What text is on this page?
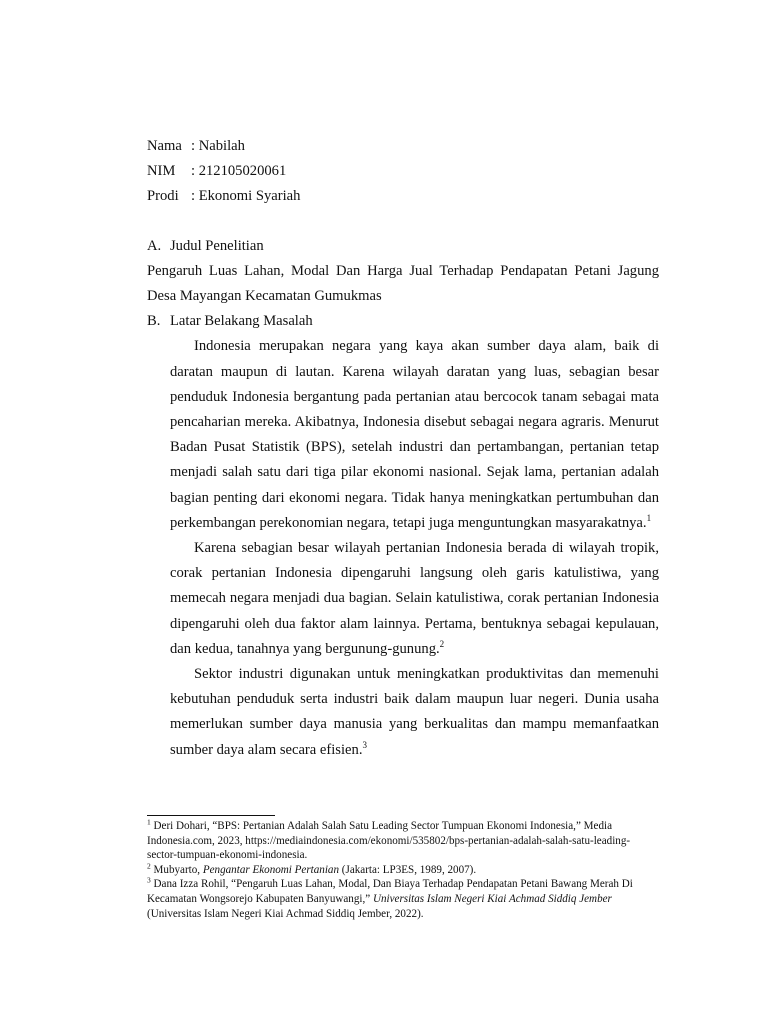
Nama : Nabilah
NIM	: 212105020061
Prodi : Ekonomi Syariah
A. Judul Penelitian

Pengaruh Luas Lahan, Modal Dan Harga Jual Terhadap Pendapatan Petani Jagung Desa Mayangan Kecamatan Gumukmas

B. Latar Belakang Masalah

Indonesia merupakan negara yang kaya akan sumber daya alam, baik di daratan maupun di lautan. Karena wilayah daratan yang luas, sebagian besar penduduk Indonesia bergantung pada pertanian atau bercocok tanam sebagai mata pencaharian mereka. Akibatnya, Indonesia disebut sebagai negara agraris. Menurut Badan Pusat Statistik (BPS), setelah industri dan pertambangan, pertanian tetap menjadi salah satu dari tiga pilar ekonomi nasional. Sejak lama, pertanian adalah bagian penting dari ekonomi negara. Tidak hanya meningkatkan pertumbuhan dan perkembangan perekonomian negara, tetapi juga menguntungkan masyarakatnya.$^1$

Karena sebagian besar wilayah pertanian Indonesia berada di wilayah tropik, corak pertanian Indonesia dipengaruhi langsung oleh garis katulistiwa, yang memecah negara menjadi dua bagian. Selain katulistiwa, corak pertanian Indonesia dipengaruhi oleh dua faktor alam lainnya. Pertama, bentuknya sebagai kepulauan, dan kedua, tanahnya yang bergunung-gunung.$^2$

Sektor industri digunakan untuk meningkatkan produktivitas dan memenuhi kebutuhan penduduk serta industri baik dalam maupun luar negeri. Dunia usaha memerlukan sumber daya manusia yang berkualitas dan mampu memanfaatkan sumber daya alam secara efisien.$^3$

$^1$ Deri Dohari, “BPS: Pertanian Adalah Salah Satu Leading Sector Tumpuan Ekonomi Indonesia,” Media Indonesia.com, 2023, https://mediaindonesia.com/ekonomi/535802/bps-pertanian-adalah-salah-satu-leading-sector-tumpuan-ekonomi-indonesia.

$^2$ Mubyarto, Pengantar Ekonomi Pertanian (Jakarta: LP3ES, 1989, 2007).

$^3$ Dana Izza Rohil, “Pengaruh Luas Lahan, Modal, Dan Biaya Terhadap Pendapatan Petani Bawang Merah Di Kecamatan Wongsorejo Kabupaten Banyuwangi,” Universitas Islam Negeri Kiai Achmad Siddiq Jember (Universitas Islam Negeri Kiai Achmad Siddiq Jember, 2022).
